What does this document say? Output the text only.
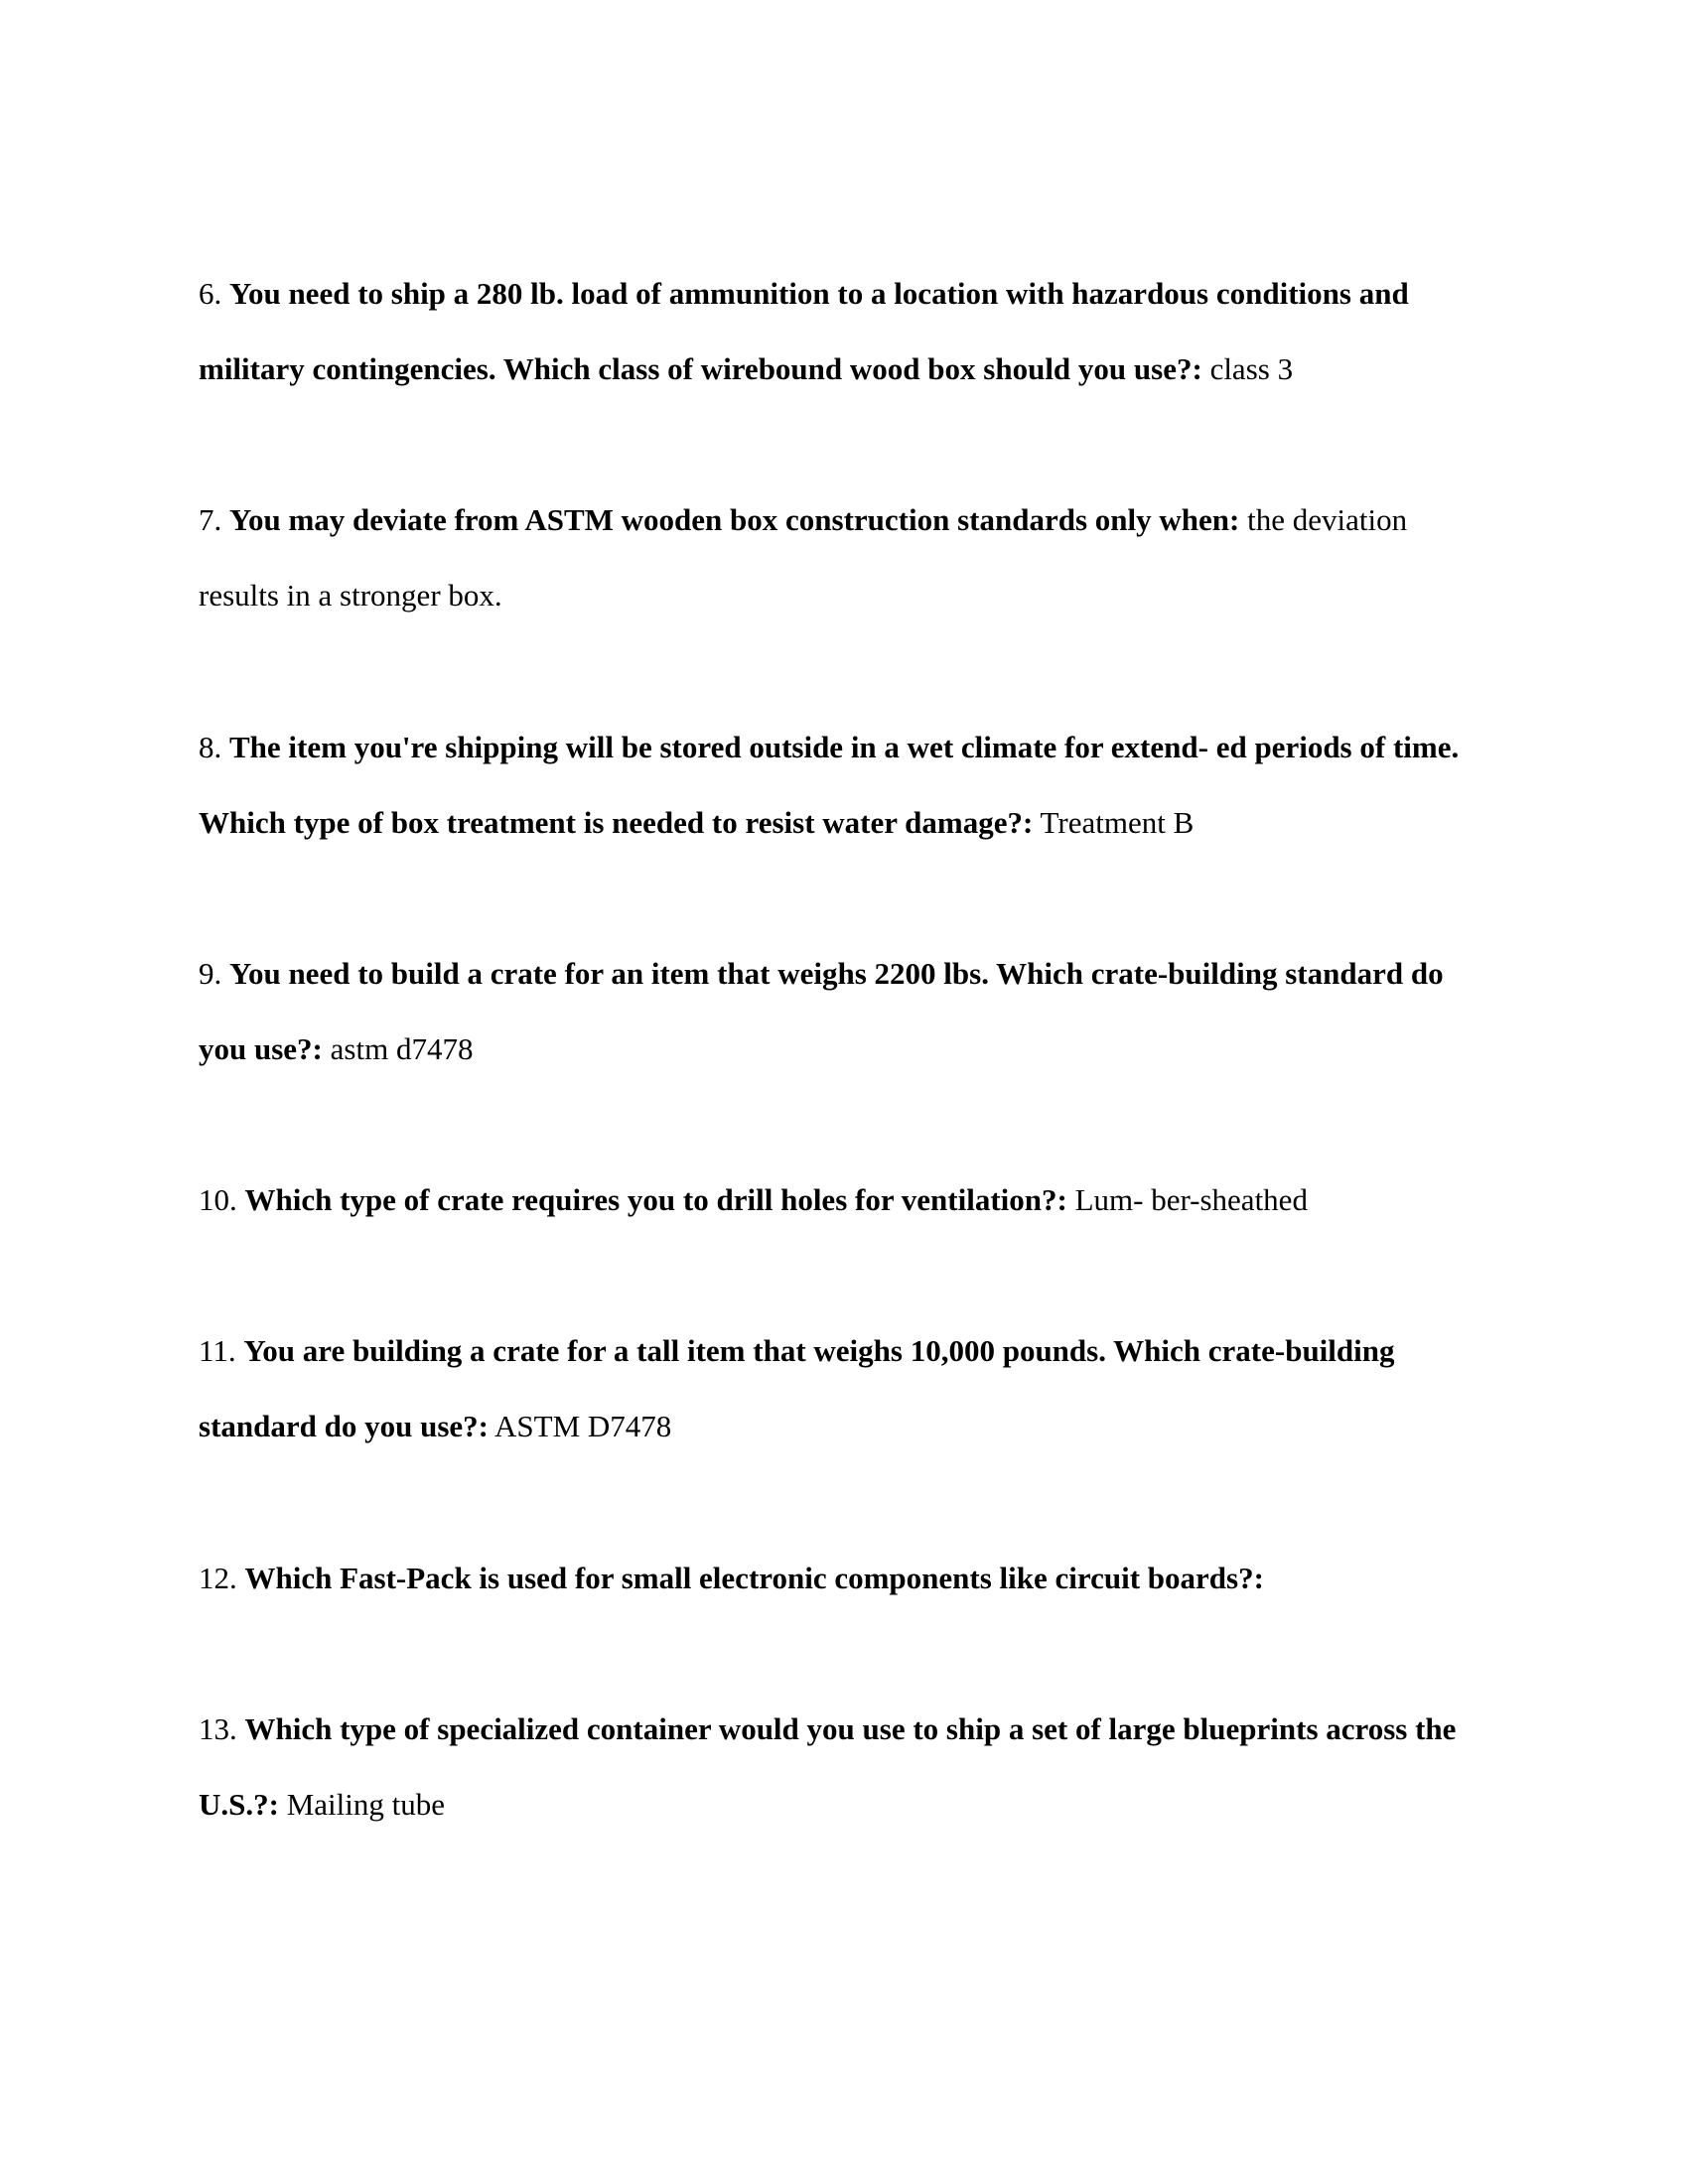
6. You need to ship a 280 lb. load of ammunition to a location with hazardous conditions and military contingencies. Which class of wirebound wood box should you use?: class 3
7. You may deviate from ASTM wooden box construction standards only when: the deviation results in a stronger box.
8. The item you're shipping will be stored outside in a wet climate for extend- ed periods of time. Which type of box treatment is needed to resist water damage?: Treatment B
9. You need to build a crate for an item that weighs 2200 lbs. Which crate-building standard do you use?: astm d7478
10. Which type of crate requires you to drill holes for ventilation?: Lum- ber-sheathed
11. You are building a crate for a tall item that weighs 10,000 pounds. Which crate-building standard do you use?: ASTM D7478
12. Which Fast-Pack is used for small electronic components like circuit boards?:
13. Which type of specialized container would you use to ship a set of large blueprints across the U.S.?: Mailing tube
